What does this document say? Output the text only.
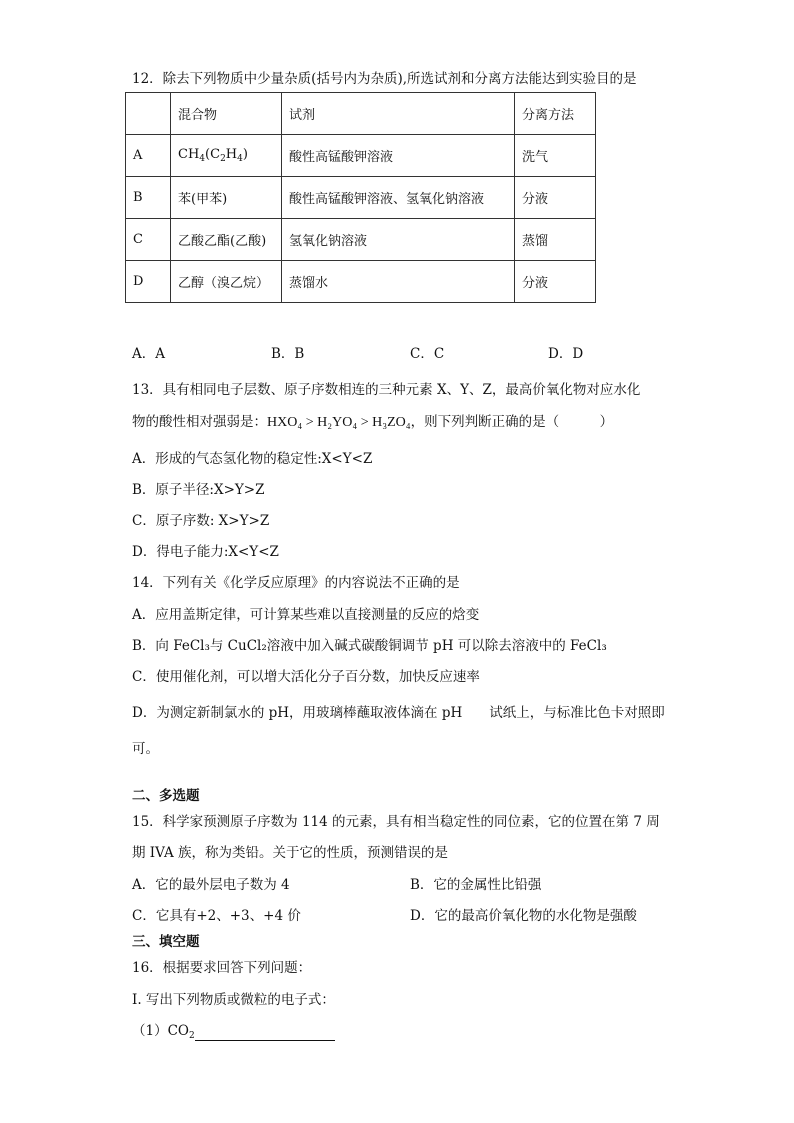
12．除去下列物质中少量杂质(括号内为杂质),所选试剂和分离方法能达到实验目的是
	混合物	试剂	分离方法
A	$CH_4(C_2H_4)$	酸性高锰酸钾溶液	洗气
B	苯(甲苯)	酸性高锰酸钾溶液、氢氧化钠溶液	分液
C	乙酸乙酯(乙酸)	氢氧化钠溶液	蒸馏
D	乙醇（溴乙烷）	蒸馏水	分液
A．A	B．B	C．C	D．D
13．具有相同电子层数、原子序数相连的三种元素 X、Y、Z，最高价氧化物对应水化
物的酸性相对强弱是：HXO₄ > H₂YO₄ > H₃ZO₄，则下列判断正确的是（　　　）
A．形成的气态氢化物的稳定性:X<Y<Z
B．原子半径:X>Y>Z
C．原子序数: X>Y>Z
D．得电子能力:X<Y<Z
14．下列有关《化学反应原理》的内容说法不正确的是
A．应用盖斯定律，可计算某些难以直接测量的反应的焓变
B．向 FeCl₃与 CuCl₂溶液中加入碱式碳酸铜调节 pH 可以除去溶液中的 FeCl₃
C．使用催化剂，可以增大活化分子百分数，加快反应速率
D．为测定新制氯水的 pH，用玻璃棒蘸取液体滴在 pH　　试纸上，与标准比色卡对照即
可。
二、多选题
15．科学家预测原子序数为 114 的元素，具有相当稳定性的同位素，它的位置在第 7 周
期 IVA 族，称为类铅。关于它的性质，预测错误的是
A．它的最外层电子数为 4	B．它的金属性比铅强
C．它具有+2、+3、+4 价	D．它的最高价氧化物的水化物是强酸
三、填空题
16．根据要求回答下列问题：
I. 写出下列物质或微粒的电子式：
$(1)CO_2$
